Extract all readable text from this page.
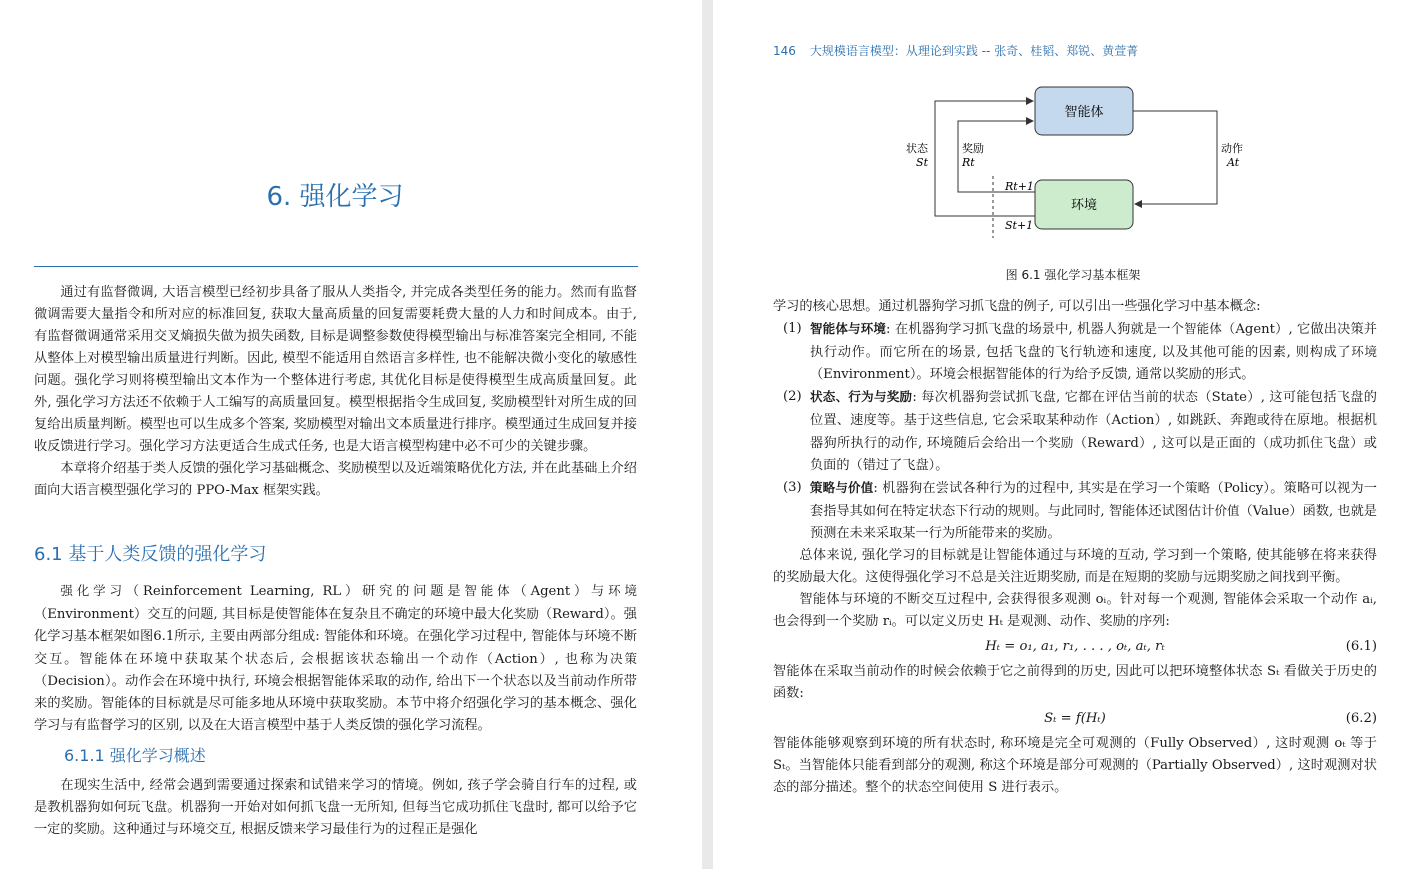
6. 强化学习

通过有监督微调, 大语言模型已经初步具备了服从人类指令, 并完成各类型任务的能力。然而有监督微调需要大量指令和所对应的标准回复, 获取大量高质量的回复需要耗费大量的人力和时间成本。由于, 有监督微调通常采用交叉熵损失做为损失函数, 目标是调整参数使得模型输出与标准答案完全相同, 不能从整体上对模型输出质量进行判断。因此, 模型不能适用自然语言多样性, 也不能解决微小变化的敏感性问题。强化学习则将模型输出文本作为一个整体进行考虑, 其优化目标是使得模型生成高质量回复。此外, 强化学习方法还不依赖于人工编写的高质量回复。模型根据指令生成回复, 奖励模型针对所生成的回复给出质量判断。模型也可以生成多个答案, 奖励模型对输出文本质量进行排序。模型通过生成回复并接收反馈进行学习。强化学习方法更适合生成式任务, 也是大语言模型构建中必不可少的关键步骤。

本章将介绍基于类人反馈的强化学习基础概念、奖励模型以及近端策略优化方法, 并在此基础上介绍面向大语言模型强化学习的 PPO-Max 框架实践。

6.1 基于人类反馈的强化学习

强化学习（Reinforcement Learning, RL）研究的问题是智能体（Agent）与环境（Environment）交互的问题, 其目标是使智能体在复杂且不确定的环境中最大化奖励（Reward）。强化学习基本框架如图6.1所示, 主要由两部分组成: 智能体和环境。在强化学习过程中, 智能体与环境不断交互。智能体在环境中获取某个状态后, 会根据该状态输出一个动作（Action）, 也称为决策（Decision）。动作会在环境中执行, 环境会根据智能体采取的动作, 给出下一个状态以及当前动作所带来的奖励。智能体的目标就是尽可能多地从环境中获取奖励。本节中将介绍强化学习的基本概念、强化学习与有监督学习的区别, 以及在大语言模型中基于人类反馈的强化学习流程。

6.1.1 强化学习概述

在现实生活中, 经常会遇到需要通过探索和试错来学习的情境。例如, 孩子学会骑自行车的过程, 或是教机器狗如何玩飞盘。机器狗一开始对如何抓飞盘一无所知, 但每当它成功抓住飞盘时, 都可以给予它一定的奖励。这种通过与环境交互, 根据反馈来学习最佳行为的过程正是强化

146 大规模语言模型：从理论到实践 -- 张奇、桂韬、郑锐、黄萱菁
智能体
环境
状态
St
奖励
Rt
动作
At
Rt+1
St+1
图 6.1 强化学习基本框架

学习的核心思想。通过机器狗学习抓飞盘的例子, 可以引出一些强化学习中基本概念:

(1) 智能体与环境: 在机器狗学习抓飞盘的场景中, 机器人狗就是一个智能体（Agent）, 它做出决策并执行动作。而它所在的场景, 包括飞盘的飞行轨迹和速度, 以及其他可能的因素, 则构成了环境（Environment）。环境会根据智能体的行为给予反馈, 通常以奖励的形式。

(2) 状态、行为与奖励: 每次机器狗尝试抓飞盘, 它都在评估当前的状态（State）, 这可能包括飞盘的位置、速度等。基于这些信息, 它会采取某种动作（Action）, 如跳跃、奔跑或待在原地。根据机器狗所执行的动作, 环境随后会给出一个奖励（Reward）, 这可以是正面的（成功抓住飞盘）或负面的（错过了飞盘）。

(3) 策略与价值: 机器狗在尝试各种行为的过程中, 其实是在学习一个策略（Policy）。策略可以视为一套指导其如何在特定状态下行动的规则。与此同时, 智能体还试图估计价值（Value）函数, 也就是预测在未来采取某一行为所能带来的奖励。

总体来说, 强化学习的目标就是让智能体通过与环境的互动, 学习到一个策略, 使其能够在将来获得的奖励最大化。这使得强化学习不总是关注近期奖励, 而是在短期的奖励与远期奖励之间找到平衡。

智能体与环境的不断交互过程中, 会获得很多观测 oᵢ。针对每一个观测, 智能体会采取一个动作 aᵢ, 也会得到一个奖励 rᵢ。可以定义历史 Hₜ 是观测、动作、奖励的序列:

Hₜ = o₁, a₁, r₁, . . . , oₜ, aₜ, rₜ	(6.1)

智能体在采取当前动作的时候会依赖于它之前得到的历史, 因此可以把环境整体状态 Sₜ 看做关于历史的函数:

Sₜ = f(Hₜ)	(6.2)

智能体能够观察到环境的所有状态时, 称环境是完全可观测的（Fully Observed）, 这时观测 oₜ 等于 Sₜ。当智能体只能看到部分的观测, 称这个环境是部分可观测的（Partially Observed）, 这时观测对状态的部分描述。整个的状态空间使用 S 进行表示。
